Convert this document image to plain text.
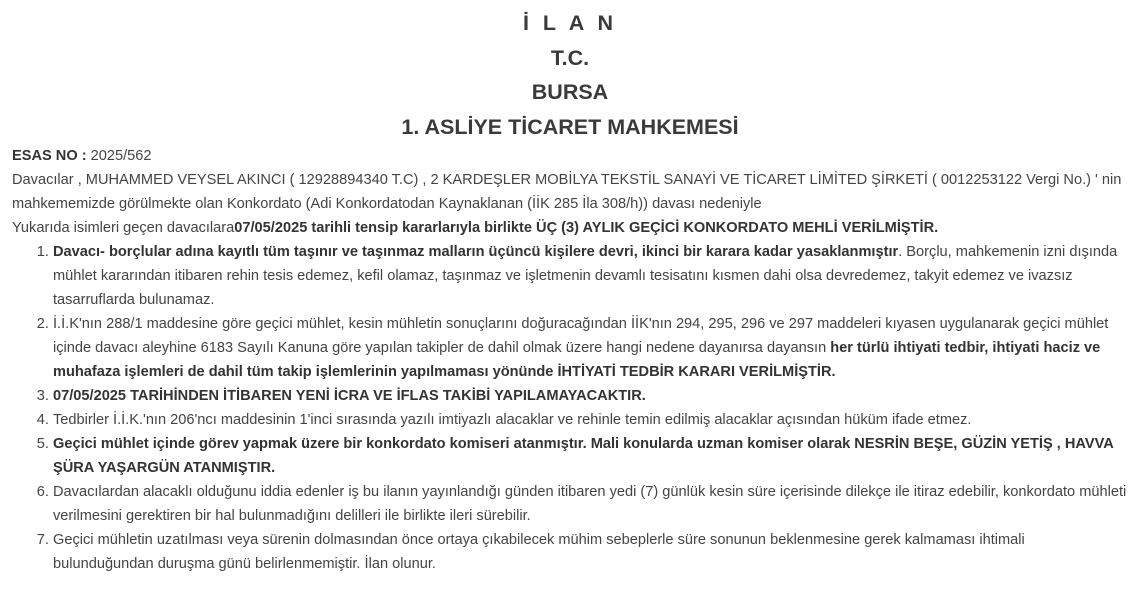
İ L A N

T.C.

BURSA

1. ASLİYE TİCARET MAHKEMESİ

ESAS NO : 2025/562

Davacılar , MUHAMMED VEYSEL AKINCI ( 12928894340 T.C) , 2 KARDEŞLER MOBİLYA TEKSTİL SANAYİ VE TİCARET LİMİTED ŞİRKETİ ( 0012253122 Vergi No.) ' nin mahkememizde görülmekte olan Konkordato (Adi Konkordatodan Kaynaklanan (İİK 285 İla 308/h)) davası nedeniyle

Yukarıda isimleri geçen davacılara07/05/2025 tarihli tensip kararlarıyla birlikte ÜÇ (3) AYLIK GEÇİCİ KONKORDATO MEHLİ VERİLMİŞTİR.

1. Davacı- borçlular adına kayıtlı tüm taşınır ve taşınmaz malların üçüncü kişilere devri, ikinci bir karara kadar yasaklanmıştır. Borçlu, mahkemenin izni dışında mühlet kararından itibaren rehin tesis edemez, kefil olamaz, taşınmaz ve işletmenin devamlı tesisatını kısmen dahi olsa devredemez, takyit edemez ve ivazsız tasarruflarda bulunamaz.
2. İ.İ.K'nın 288/1 maddesine göre geçici mühlet, kesin mühletin sonuçlarını doğuracağından İİK'nın 294, 295, 296 ve 297 maddeleri kıyasen uygulanarak geçici mühlet içinde davacı aleyhine 6183 Sayılı Kanuna göre yapılan takipler de dahil olmak üzere hangi nedene dayanırsa dayansın her türlü ihtiyati tedbir, ihtiyati haciz ve muhafaza işlemleri de dahil tüm takip işlemlerinin yapılmaması yönünde İHTİYATİ TEDBİR KARARI VERİLMİŞTİR.
3. 07/05/2025 TARİHİNDEN İTİBAREN YENİ İCRA VE İFLAS TAKİBİ YAPILAMAYACAKTIR.
4. Tedbirler İ.İ.K.'nın 206'ncı maddesinin 1'inci sırasında yazılı imtiyazlı alacaklar ve rehinle temin edilmiş alacaklar açısından hüküm ifade etmez.
5. Geçici mühlet içinde görev yapmak üzere bir konkordato komiseri atanmıştır. Mali konularda uzman komiser olarak NESRİN BEŞE, GÜZİN YETİŞ , HAVVA ŞÜRA YAŞARGÜN ATANMIŞTIR.
6. Davacılardan alacaklı olduğunu iddia edenler iş bu ilanın yayınlandığı günden itibaren yedi (7) günlük kesin süre içerisinde dilekçe ile itiraz edebilir, konkordato mühleti verilmesini gerektiren bir hal bulunmadığını delilleri ile birlikte ileri sürebilir.
7. Geçici mühletin uzatılması veya sürenin dolmasından önce ortaya çıkabilecek mühim sebeplerle süre sonunun beklenmesine gerek kalmaması ihtimali bulunduğundan duruşma günü belirlenmemiştir. İlan olunur.
